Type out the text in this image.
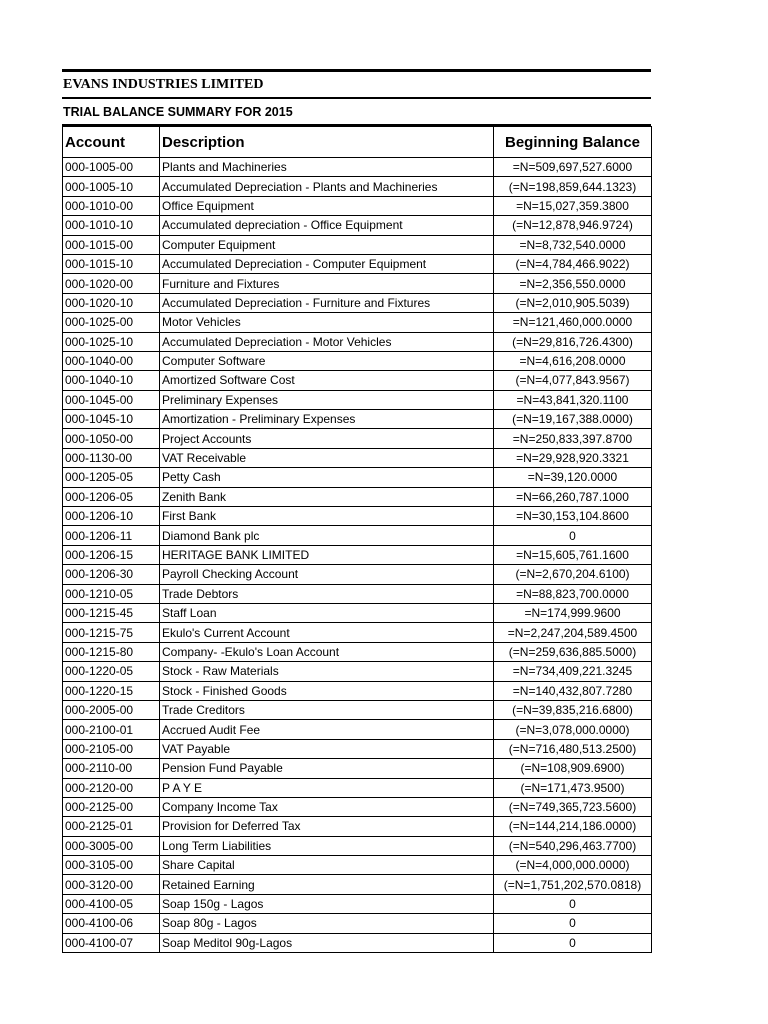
EVANS INDUSTRIES LIMITED
TRIAL BALANCE SUMMARY FOR 2015
Account	Description	Beginning Balance
000-1005-00	Plants and Machineries	=N=509,697,527.6000
000-1005-10	Accumulated Depreciation - Plants and Machineries	(=N=198,859,644.1323)
000-1010-00	Office Equipment	=N=15,027,359.3800
000-1010-10	Accumulated depreciation - Office Equipment	(=N=12,878,946.9724)
000-1015-00	Computer Equipment	=N=8,732,540.0000
000-1015-10	Accumulated Depreciation - Computer Equipment	(=N=4,784,466.9022)
000-1020-00	Furniture and Fixtures	=N=2,356,550.0000
000-1020-10	Accumulated Depreciation - Furniture and Fixtures	(=N=2,010,905.5039)
000-1025-00	Motor Vehicles	=N=121,460,000.0000
000-1025-10	Accumulated Depreciation - Motor Vehicles	(=N=29,816,726.4300)
000-1040-00	Computer Software	=N=4,616,208.0000
000-1040-10	Amortized Software Cost	(=N=4,077,843.9567)
000-1045-00	Preliminary Expenses	=N=43,841,320.1100
000-1045-10	Amortization - Preliminary Expenses	(=N=19,167,388.0000)
000-1050-00	Project Accounts	=N=250,833,397.8700
000-1130-00	VAT Receivable	=N=29,928,920.3321
000-1205-05	Petty Cash	=N=39,120.0000
000-1206-05	Zenith Bank	=N=66,260,787.1000
000-1206-10	First Bank	=N=30,153,104.8600
000-1206-11	Diamond Bank plc	0
000-1206-15	HERITAGE BANK LIMITED	=N=15,605,761.1600
000-1206-30	Payroll Checking Account	(=N=2,670,204.6100)
000-1210-05	Trade Debtors	=N=88,823,700.0000
000-1215-45	Staff Loan	=N=174,999.9600
000-1215-75	Ekulo's Current Account	=N=2,247,204,589.4500
000-1215-80	Company- -Ekulo's Loan Account	(=N=259,636,885.5000)
000-1220-05	Stock - Raw Materials	=N=734,409,221.3245
000-1220-15	Stock - Finished Goods	=N=140,432,807.7280
000-2005-00	Trade Creditors	(=N=39,835,216.6800)
000-2100-01	Accrued Audit Fee	(=N=3,078,000.0000)
000-2105-00	VAT Payable	(=N=716,480,513.2500)
000-2110-00	Pension Fund Payable	(=N=108,909.6900)
000-2120-00	P A Y E	(=N=171,473.9500)
000-2125-00	Company Income Tax	(=N=749,365,723.5600)
000-2125-01	Provision for Deferred Tax	(=N=144,214,186.0000)
000-3005-00	Long Term Liabilities	(=N=540,296,463.7700)
000-3105-00	Share Capital	(=N=4,000,000.0000)
000-3120-00	Retained Earning	(=N=1,751,202,570.0818)
000-4100-05	Soap 150g - Lagos	0
000-4100-06	Soap 80g - Lagos	0
000-4100-07	Soap Meditol 90g-Lagos	0
